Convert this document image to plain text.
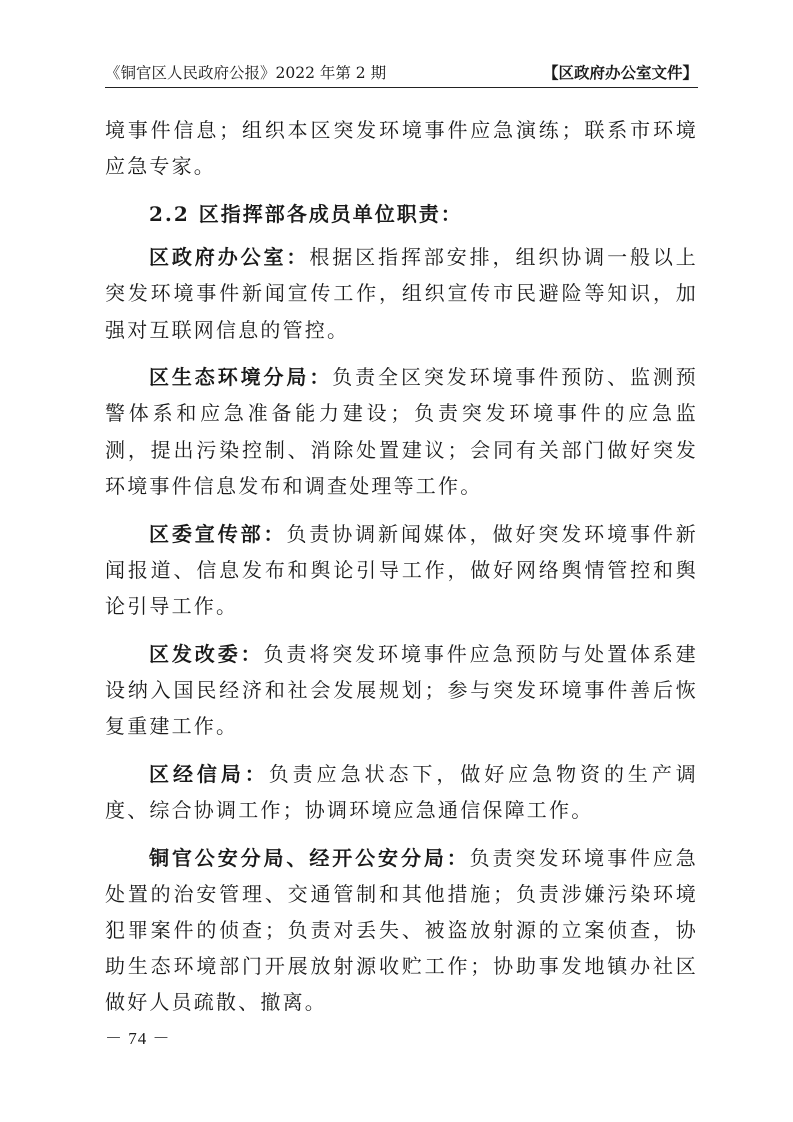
《铜官区人民政府公报》2022 年第 2 期	【区政府办公室文件】

境事件信息；组织本区突发环境事件应急演练；联系市环境应急专家。

2.2 区指挥部各成员单位职责：

区政府办公室：根据区指挥部安排，组织协调一般以上突发环境事件新闻宣传工作，组织宣传市民避险等知识，加强对互联网信息的管控。

区生态环境分局：负责全区突发环境事件预防、监测预警体系和应急准备能力建设；负责突发环境事件的应急监测，提出污染控制、消除处置建议；会同有关部门做好突发环境事件信息发布和调查处理等工作。

区委宣传部：负责协调新闻媒体，做好突发环境事件新闻报道、信息发布和舆论引导工作，做好网络舆情管控和舆论引导工作。

区发改委：负责将突发环境事件应急预防与处置体系建设纳入国民经济和社会发展规划；参与突发环境事件善后恢复重建工作。

区经信局：负责应急状态下，做好应急物资的生产调度、综合协调工作；协调环境应急通信保障工作。

铜官公安分局、经开公安分局：负责突发环境事件应急处置的治安管理、交通管制和其他措施；负责涉嫌污染环境犯罪案件的侦查；负责对丢失、被盗放射源的立案侦查，协助生态环境部门开展放射源收贮工作；协助事发地镇办社区做好人员疏散、撤离。

－ 74 －
